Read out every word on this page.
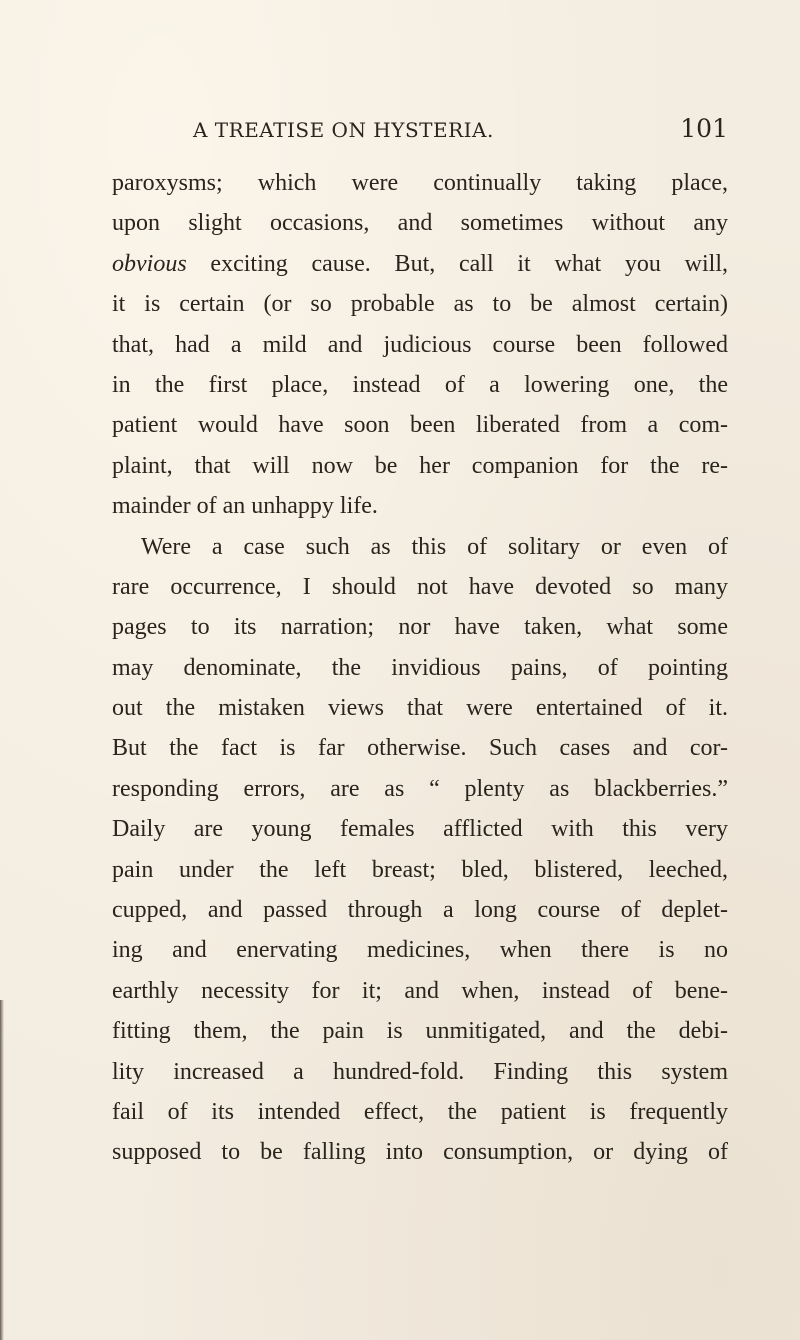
A TREATISE ON HYSTERIA.	101
paroxysms; which were continually taking place,
upon slight occasions, and sometimes without any
obvious exciting cause. But, call it what you will,
it is certain (or so probable as to be almost certain)
that, had a mild and judicious course been followed
in the first place, instead of a lowering one, the
patient would have soon been liberated from a com-
plaint, that will now be her companion for the re-
mainder of an unhappy life.
Were a case such as this of solitary or even of
rare occurrence, I should not have devoted so many
pages to its narration; nor have taken, what some
may denominate, the invidious pains, of pointing
out the mistaken views that were entertained of it.
But the fact is far otherwise. Such cases and cor-
responding errors, are as “ plenty as blackberries.”
Daily are young females afflicted with this very
pain under the left breast; bled, blistered, leeched,
cupped, and passed through a long course of deplet-
ing and enervating medicines, when there is no
earthly necessity for it; and when, instead of bene-
fitting them, the pain is unmitigated, and the debi-
lity increased a hundred-fold. Finding this system
fail of its intended effect, the patient is frequently
supposed to be falling into consumption, or dying of
